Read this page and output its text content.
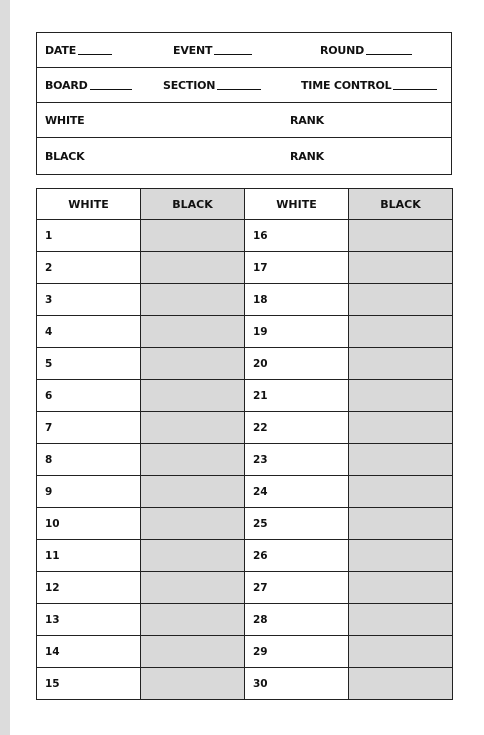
DATE	EVENT	ROUND
BOARD	SECTION	TIME CONTROL
WHITE	RANK
BLACK	RANK
WHITE	BLACK	WHITE	BLACK
1		16	
2		17	
3		18	
4		19	
5		20	
6		21	
7		22	
8		23	
9		24	
10		25	
11		26	
12		27	
13		28	
14		29	
15		30	
